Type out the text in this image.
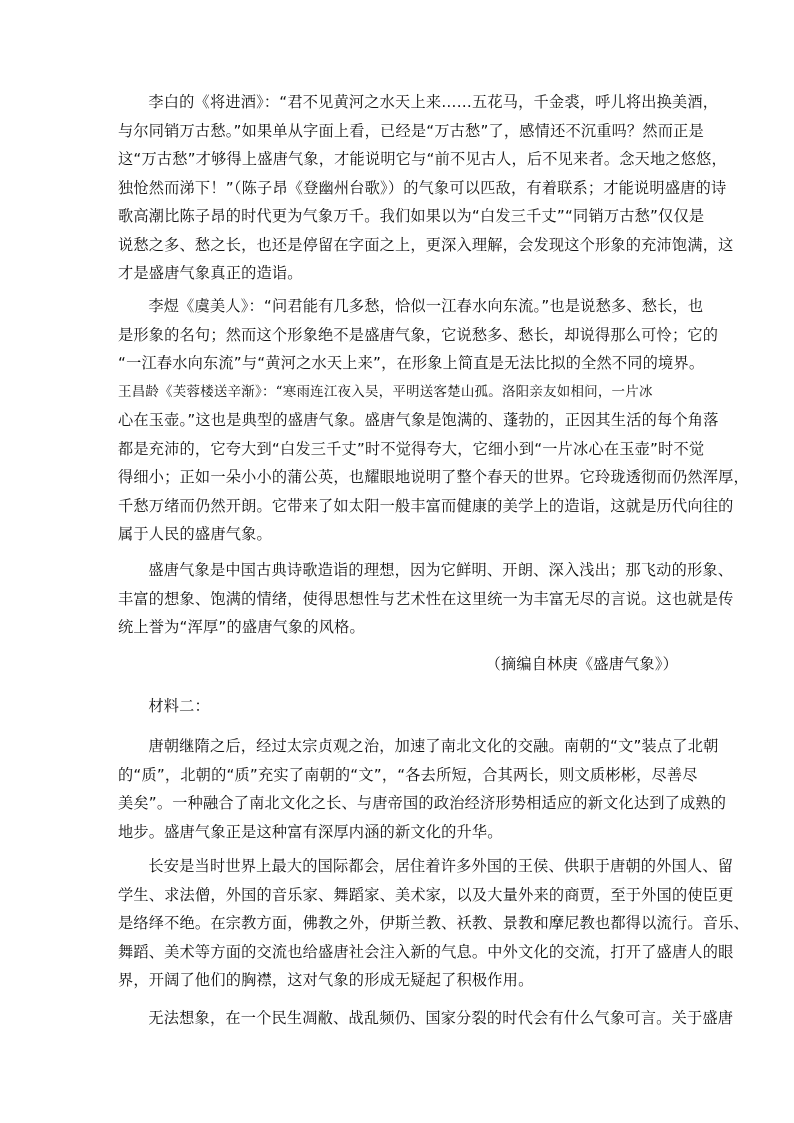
李白的《将进酒》：“君不见黄河之水天上来……五花马，千金裘，呼儿将出换美酒，
与尔同销万古愁。”如果单从字面上看，已经是“万古愁”了，感情还不沉重吗？然而正是
这“万古愁”才够得上盛唐气象，才能说明它与“前不见古人，后不见来者。念天地之悠悠，
独怆然而涕下！”（陈子昂《登幽州台歌》）的气象可以匹敌，有着联系；才能说明盛唐的诗
歌高潮比陈子昂的时代更为气象万千。我们如果以为“白发三千丈”“同销万古愁”仅仅是
说愁之多、愁之长，也还是停留在字面之上，更深入理解，会发现这个形象的充沛饱满，这
才是盛唐气象真正的造诣。
李煜《虞美人》：“问君能有几多愁，恰似一江春水向东流。”也是说愁多、愁长，也
是形象的名句；然而这个形象绝不是盛唐气象，它说愁多、愁长，却说得那么可怜；它的
“一江春水向东流”与“黄河之水天上来”，在形象上简直是无法比拟的全然不同的境界。
王昌龄《芙蓉楼送辛渐》：“寒雨连江夜入吴，平明送客楚山孤。洛阳亲友如相问，一片冰
心在玉壶。”这也是典型的盛唐气象。盛唐气象是饱满的、蓬勃的，正因其生活的每个角落
都是充沛的，它夸大到“白发三千丈”时不觉得夸大，它细小到“一片冰心在玉壶”时不觉
得细小；正如一朵小小的蒲公英，也耀眼地说明了整个春天的世界。它玲珑透彻而仍然浑厚，
千愁万绪而仍然开朗。它带来了如太阳一般丰富而健康的美学上的造诣，这就是历代向往的
属于人民的盛唐气象。
盛唐气象是中国古典诗歌造诣的理想，因为它鲜明、开朗、深入浅出；那飞动的形象、
丰富的想象、饱满的情绪，使得思想性与艺术性在这里统一为丰富无尽的言说。这也就是传
统上誉为“浑厚”的盛唐气象的风格。
（摘编自林庚《盛唐气象》）
材料二：
唐朝继隋之后，经过太宗贞观之治，加速了南北文化的交融。南朝的“文”装点了北朝
的“质”，北朝的“质”充实了南朝的“文”，“各去所短，合其两长，则文质彬彬，尽善尽
美矣”。一种融合了南北文化之长、与唐帝国的政治经济形势相适应的新文化达到了成熟的
地步。盛唐气象正是这种富有深厚内涵的新文化的升华。
长安是当时世界上最大的国际都会，居住着许多外国的王侯、供职于唐朝的外国人、留
学生、求法僧，外国的音乐家、舞蹈家、美术家，以及大量外来的商贾，至于外国的使臣更
是络绎不绝。在宗教方面，佛教之外，伊斯兰教、袄教、景教和摩尼教也都得以流行。音乐、
舞蹈、美术等方面的交流也给盛唐社会注入新的气息。中外文化的交流，打开了盛唐人的眼
界，开阔了他们的胸襟，这对气象的形成无疑起了积极作用。
无法想象，在一个民生凋敝、战乱频仍、国家分裂的时代会有什么气象可言。关于盛唐
